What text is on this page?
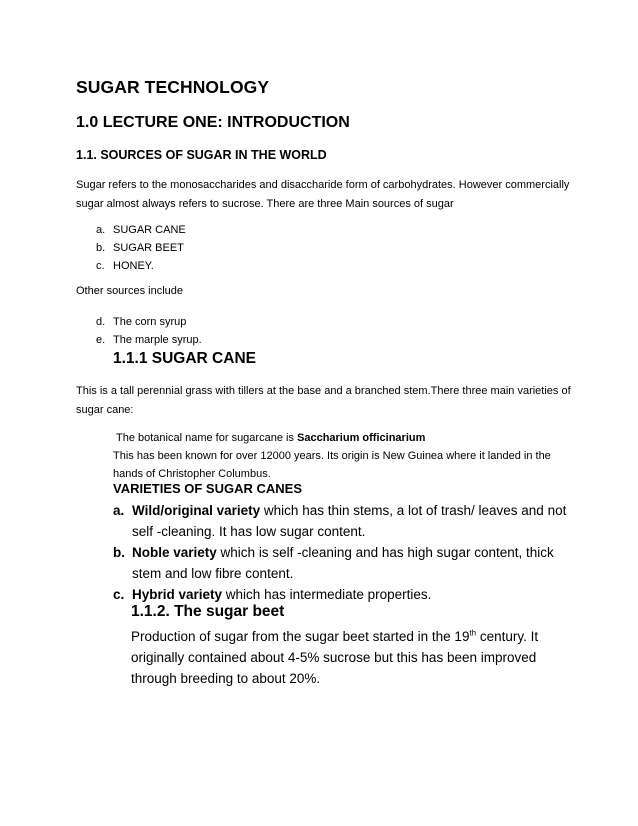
SUGAR TECHNOLOGY
1.0 LECTURE ONE: INTRODUCTION
1.1. SOURCES OF SUGAR IN THE WORLD
Sugar refers to the monosaccharides and disaccharide form of carbohydrates. However commercially sugar almost always refers to sucrose. There are three Main sources of sugar
a. SUGAR CANE
b. SUGAR BEET
c. HONEY.
Other sources include
d. The corn syrup
e. The marple syrup.
1.1.1 SUGAR CANE
This is a tall perennial grass with tillers at the base and a branched stem.There three main varieties of sugar cane:
The botanical name for sugarcane is Saccharium officinarium
This has been known for over 12000 years. Its origin is New Guinea where it landed in the hands of Christopher Columbus.
VARIETIES OF SUGAR CANES
a. Wild/original variety which has thin stems, a lot of trash/ leaves and not self -cleaning. It has low sugar content.
b. Noble variety which is self -cleaning and has high sugar content, thick stem and low fibre content.
c. Hybrid variety which has intermediate properties.
1.1.2. The sugar beet
Production of sugar from the sugar beet started in the 19th century. It originally contained about 4-5% sucrose but this has been improved through breeding to about 20%.
